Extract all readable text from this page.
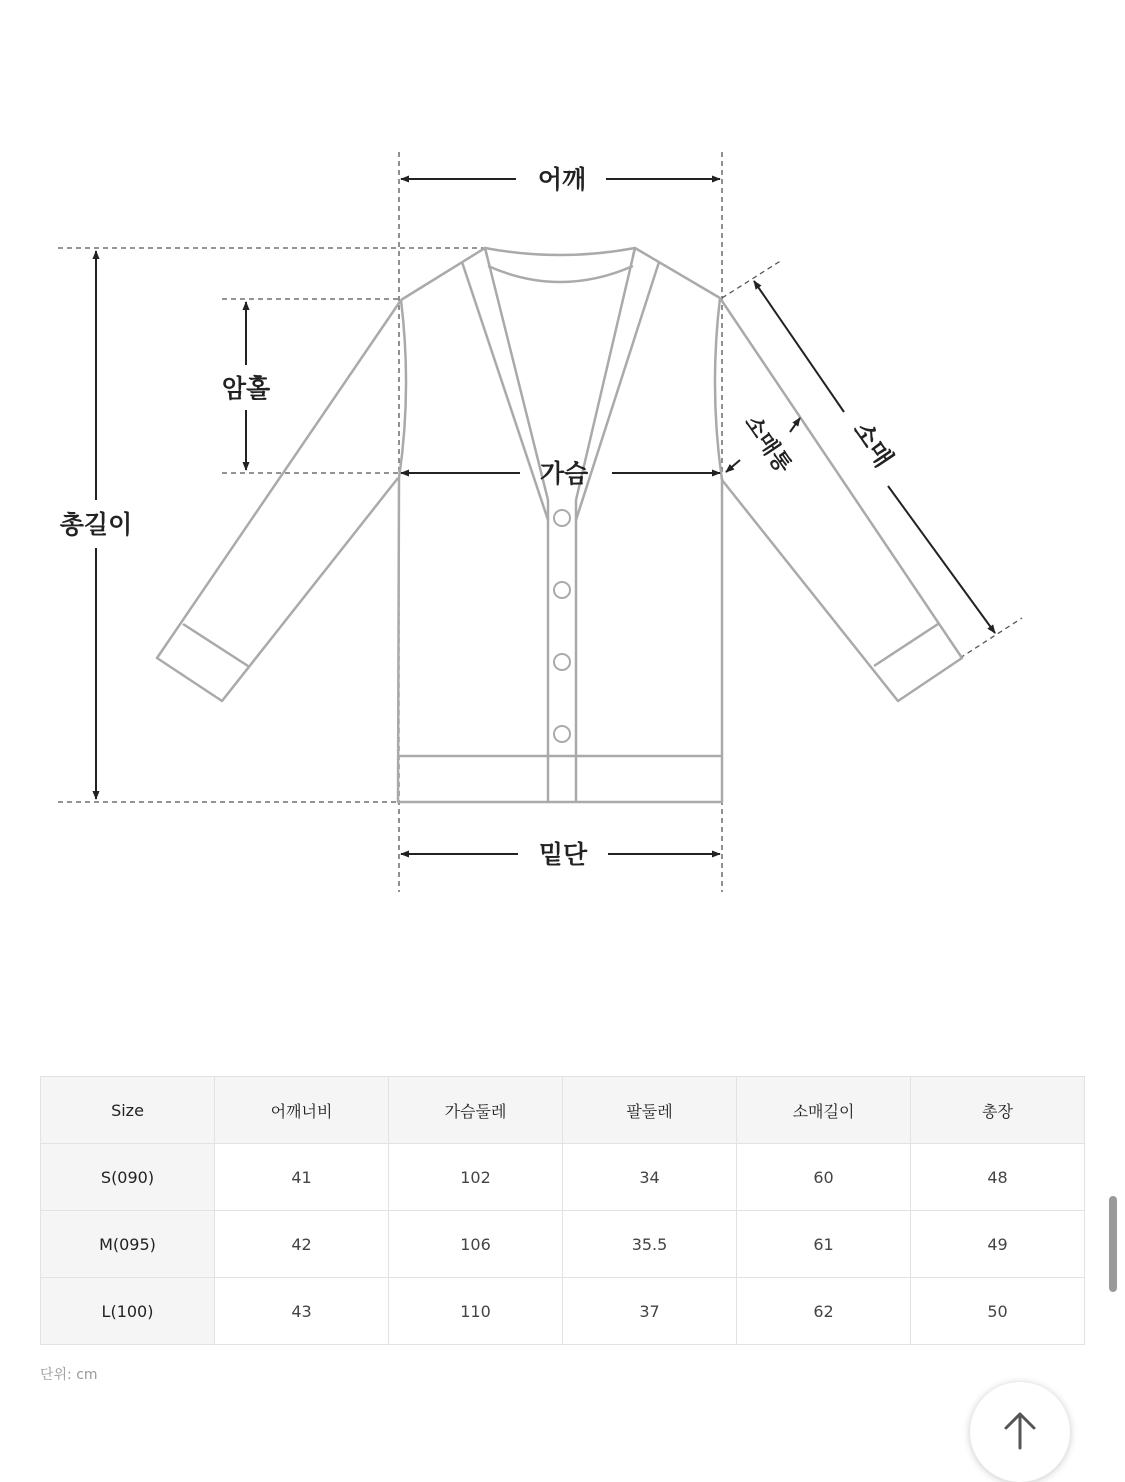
어깨
가슴
밑단
총길이
암홀
소매
소매통
Size	어깨너비	가슴둘레	팔둘레	소매길이	총장
S(090)	41	102	34	60	48
M(095)	42	106	35.5	61	49
L(100)	43	110	37	62	50
단위: cm
